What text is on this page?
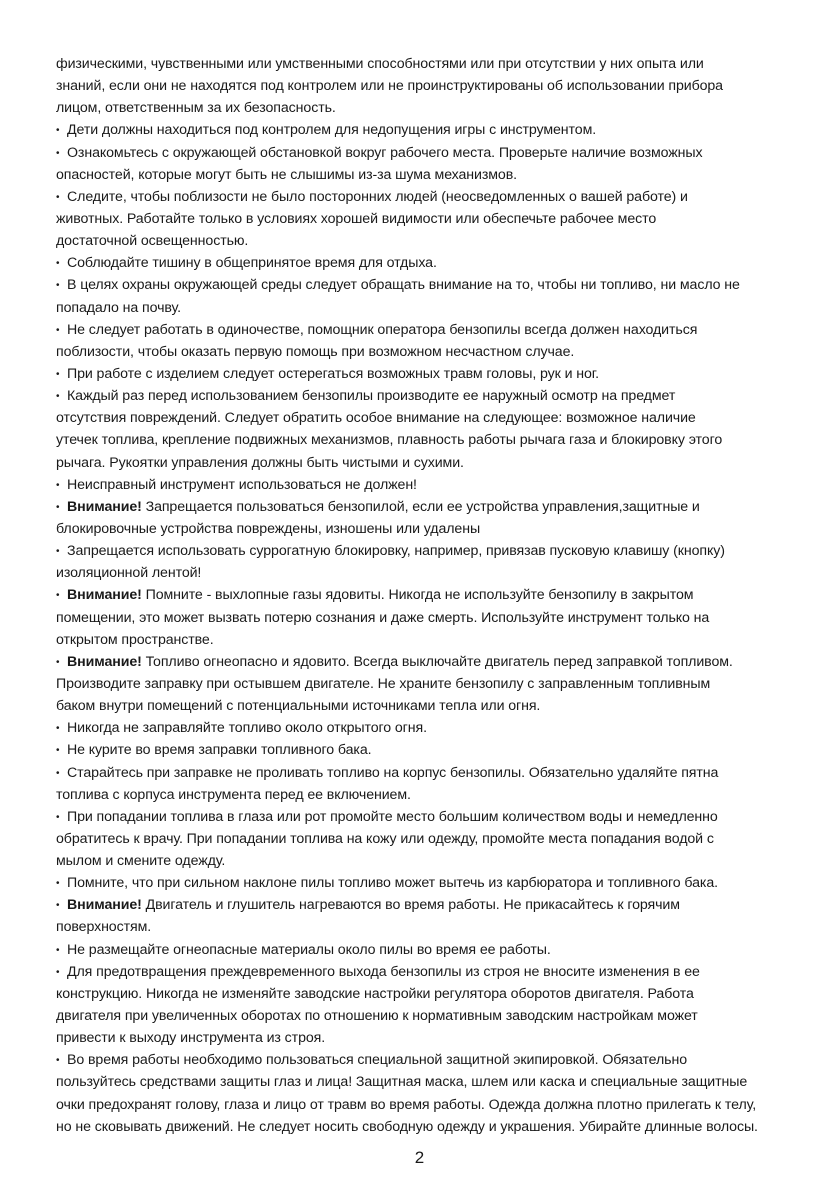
физическими, чувственными или умственными способностями или при отсутствии у них опыта или
знаний, если они не находятся под контролем или не проинструктированы об использовании прибора
лицом, ответственным за их безопасность.
• Дети должны находиться под контролем для недопущения игры с инструментом.
• Ознакомьтесь с окружающей обстановкой вокруг рабочего места. Проверьте наличие возможных
опасностей, которые могут быть не слышимы из-за шума механизмов.
• Следите, чтобы поблизости не было посторонних людей (неосведомленных о вашей работе) и
животных. Работайте только в условиях хорошей видимости или обеспечьте рабочее место
достаточной освещенностью.
• Соблюдайте тишину в общепринятое время для отдыха.
• В целях охраны окружающей среды следует обращать внимание на то, чтобы ни топливо, ни масло не
попадало на почву.
• Не следует работать в одиночестве, помощник оператора бензопилы всегда должен находиться
поблизости, чтобы оказать первую помощь при возможном несчастном случае.
• При работе с изделием следует остерегаться возможных травм головы, рук и ног.
• Каждый раз перед использованием бензопилы производите ее наружный осмотр на предмет
отсутствия повреждений. Следует обратить особое внимание на следующее: возможное наличие
утечек топлива, крепление подвижных механизмов, плавность работы рычага газа и блокировку этого
рычага. Рукоятки управления должны быть чистыми и сухими.
• Неисправный инструмент использоваться не должен!
• Внимание! Запрещается пользоваться бензопилой, если ее устройства управления,защитные и
блокировочные устройства повреждены, изношены или удалены
• Запрещается использовать суррогатную блокировку, например, привязав пусковую клавишу (кнопку)
изоляционной лентой!
• Внимание! Помните - выхлопные газы ядовиты. Никогда не используйте бензопилу в закрытом
помещении, это может вызвать потерю сознания и даже смерть. Используйте инструмент только на
открытом пространстве.
• Внимание! Топливо огнеопасно и ядовито. Всегда выключайте двигатель перед заправкой топливом.
Производите заправку при остывшем двигателе. Не храните бензопилу с заправленным топливным
баком внутри помещений с потенциальными источниками тепла или огня.
• Никогда не заправляйте топливо около открытого огня.
• Не курите во время заправки топливного бака.
• Старайтесь при заправке не проливать топливо на корпус бензопилы. Обязательно удаляйте пятна
топлива с корпуса инструмента перед ее включением.
• При попадании топлива в глаза или рот промойте место большим количеством воды и немедленно
обратитесь к врачу. При попадании топлива на кожу или одежду, промойте места попадания водой с
мылом и смените одежду.
• Помните, что при сильном наклоне пилы топливо может вытечь из карбюратора и топливного бака.
• Внимание! Двигатель и глушитель нагреваются во время работы. Не прикасайтесь к горячим
поверхностям.
• Не размещайте огнеопасные материалы около пилы во время ее работы.
• Для предотвращения преждевременного выхода бензопилы из строя не вносите изменения в ее
конструкцию. Никогда не изменяйте заводские настройки регулятора оборотов двигателя. Работа
двигателя при увеличенных оборотах по отношению к нормативным заводским настройкам может
привести к выходу инструмента из строя.
• Во время работы необходимо пользоваться специальной защитной экипировкой. Обязательно
пользуйтесь средствами защиты глаз и лица! Защитная маска, шлем или каска и специальные защитные
очки предохранят голову, глаза и лицо от травм во время работы. Одежда должна плотно прилегать к телу,
но не сковывать движений. Не следует носить свободную одежду и украшения. Убирайте длинные волосы.
2
